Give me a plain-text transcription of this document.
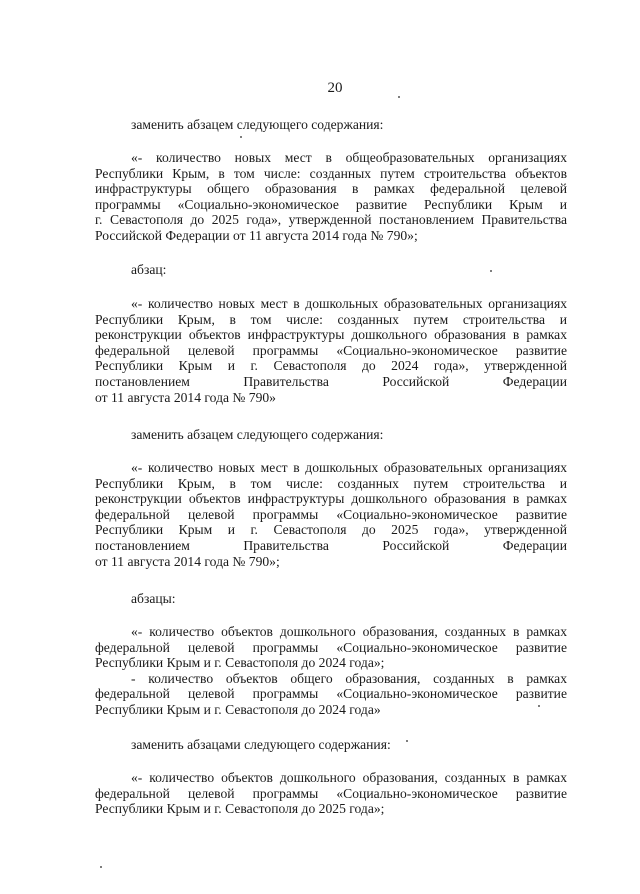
20
заменить абзацем следующего содержания:
«- количество новых мест в общеобразовательных организациях
Республики Крым, в том числе: созданных путем строительства объектов
инфраструктуры общего образования в рамках федеральной целевой
программы «Социально-экономическое развитие Республики Крым и
г. Севастополя до 2025 года», утвержденной постановлением Правительства
Российской Федерации от 11 августа 2014 года № 790»;
абзац:
«- количество новых мест в дошкольных образовательных организациях
Республики Крым, в том числе: созданных путем строительства и
реконструкции объектов инфраструктуры дошкольного образования в рамках
федеральной целевой программы «Социально-экономическое развитие
Республики Крым и г. Севастополя до 2024 года», утвержденной
постановлением Правительства Российской Федерации
от 11 августа 2014 года № 790»
заменить абзацем следующего содержания:
«- количество новых мест в дошкольных образовательных организациях
Республики Крым, в том числе: созданных путем строительства и
реконструкции объектов инфраструктуры дошкольного образования в рамках
федеральной целевой программы «Социально-экономическое развитие
Республики Крым и г. Севастополя до 2025 года», утвержденной
постановлением Правительства Российской Федерации
от 11 августа 2014 года № 790»;
абзацы:
«- количество объектов дошкольного образования, созданных в рамках
федеральной целевой программы «Социально-экономическое развитие
Республики Крым и г. Севастополя до 2024 года»;
- количество объектов общего образования, созданных в рамках
федеральной целевой программы «Социально-экономическое развитие
Республики Крым и г. Севастополя до 2024 года»
заменить абзацами следующего содержания:
«- количество объектов дошкольного образования, созданных в рамках
федеральной целевой программы «Социально-экономическое развитие
Республики Крым и г. Севастополя до 2025 года»;
